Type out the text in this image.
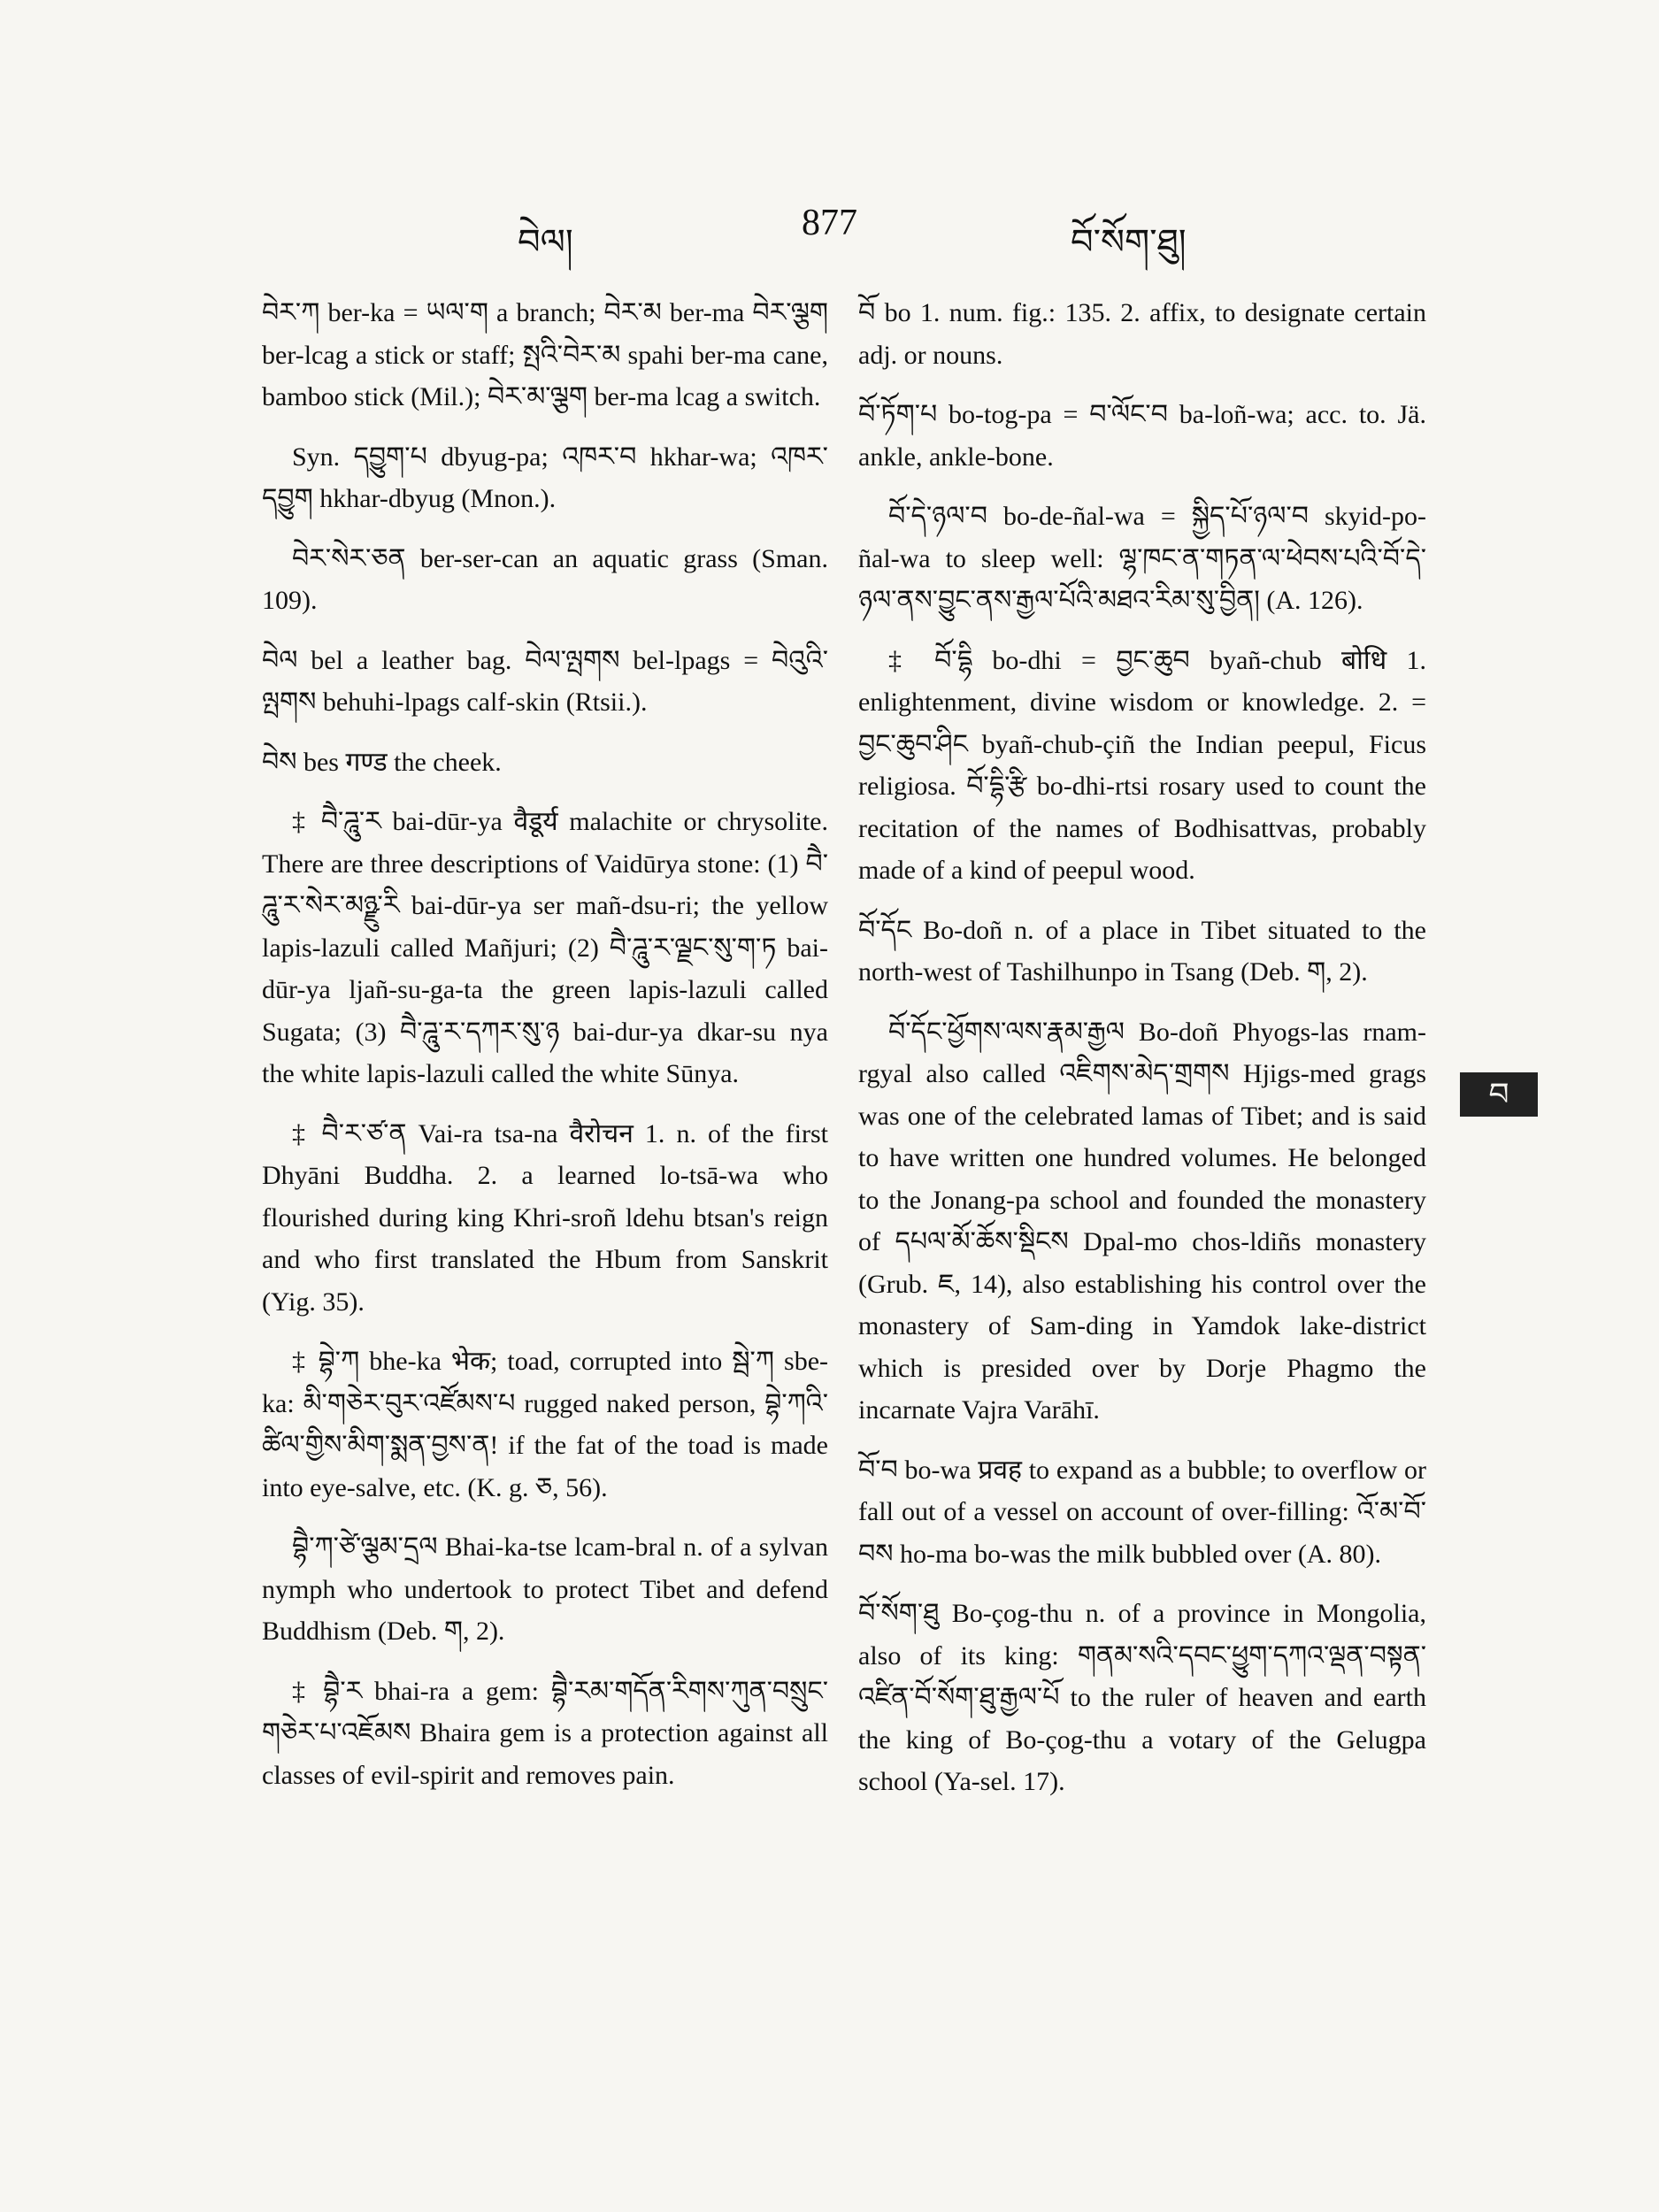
བེལ།	877	བོ་སོག་ཐུ།
བ

བེར་ཀ ber-ka = ཡལ་ག a branch; བེར་མ ber-ma བེར་ལྕག ber-lcag a stick or staff; སྤའི་བེར་མ spahi ber-ma cane, bamboo stick (Mil.); བེར་མ་ལྕག ber-ma lcag a switch.

Syn. དབྱུག་པ dbyug-pa; འཁར་བ hkhar-wa; འཁར་དབྱུག hkhar-dbyug (Mnon.).

བེར་སེར་ཅན ber-ser-can an aquatic grass (Sman. 109).

བེལ bel a leather bag. བེལ་ལྤགས bel-lpags = བེའུའི་ལྤགས behuhi-lpags calf-skin (Rtsii.).

བེས bes गण्ड the cheek.

‡ བཻ་ཌཱུ་ར bai-dūr-ya वैडूर्य malachite or chrysolite. There are three descriptions of Vaidūrya stone: (1) བཻ་ཌཱུ་ར་སེར་མཉྫུ་རི bai-dūr-ya ser mañ-dsu-ri; the yellow lapis-lazuli called Mañjuri; (2) བཻ་ཌཱུ་ར་ལྗང་སུ་ག་ཏ bai-dūr-ya ljañ-su-ga-ta the green lapis-lazuli called Sugata; (3) བཻ་ཌཱུ་ར་དཀར་སུ་ཉ bai-dur-ya dkar-su nya the white lapis-lazuli called the white Sūnya.

‡ བཻ་ར་ཙ་ན Vai-ra tsa-na वैरोचन 1. n. of the first Dhyāni Buddha. 2. a learned lo-tsā-wa who flourished during king Khri-sroñ ldehu btsan's reign and who first translated the Hbum from Sanskrit (Yig. 35).

‡ བྷེ་ཀ bhe-ka भेक; toad, corrupted into སྦེ་ཀ sbe-ka: མི་གཅེར་བུར་འཛོམས་པ rugged naked person, བྷེ་ཀའི་ཚིལ་གྱིས་མིག་སྨན་བྱས་ན! if the fat of the toad is made into eye-salve, etc. (K. g. ཅ, 56).

བྷཻ་ཀ་ཙེ་ལྕམ་དྲལ Bhai-ka-tse lcam-bral n. of a sylvan nymph who undertook to protect Tibet and defend Buddhism (Deb. ག, 2).

‡ བྷཻ་ར bhai-ra a gem: བྷཻ་རམ་གདོན་རིགས་ཀུན་བསྲུང་གཅེར་པ་འཇོམས Bhaira gem is a protection against all classes of evil-spirit and removes pain.

བོ bo 1. num. fig.: 135. 2. affix, to designate certain adj. or nouns.

བོ་ཏོག་པ bo-tog-pa = བ་ལོང་བ ba-loñ-wa; acc. to. Jä. ankle, ankle-bone.

བོ་དེ་ཉལ་བ bo-de-ñal-wa = སྐྱིད་པོ་ཉལ་བ skyid-po-ñal-wa to sleep well: ལྷ་ཁང་ན་གཏན་ལ་ཕེབས་པའི་བོ་དེ་ཉལ་ནས་བྱུང་ནས་རྒྱལ་པོའི་མཐའ་རིམ་སུ་བྱིན། (A. 126).

‡ བོ་དྷི bo-dhi = བྱང་ཆུབ byañ-chub बोधि 1. enlightenment, divine wisdom or knowledge. 2. = བྱང་ཆུབ་ཤིང byañ-chub-çiñ the Indian peepul, Ficus religiosa. བོ་དྷི་རྩི bo-dhi-rtsi rosary used to count the recitation of the names of Bodhisattvas, probably made of a kind of peepul wood.

བོ་དོང Bo-doñ n. of a place in Tibet situated to the north-west of Tashilhunpo in Tsang (Deb. ག, 2).

བོ་དོང་ཕྱོགས་ལས་རྣམ་རྒྱལ Bo-doñ Phyogs-las rnam-rgyal also called འཇིགས་མེད་གྲགས Hjigs-med grags was one of the celebrated lamas of Tibet; and is said to have written one hundred volumes. He belonged to the Jonang-pa school and founded the monastery of དཔལ་མོ་ཆོས་སྡིངས Dpal-mo chos-ldiñs monastery (Grub. ཇ, 14), also establishing his control over the monastery of Sam-ding in Yamdok lake-district which is presided over by Dorje Phagmo the incarnate Vajra Varāhī.

བོ་བ bo-wa प्रवह to expand as a bubble; to overflow or fall out of a vessel on account of over-filling: འོ་མ་བོ་བས ho-ma bo-was the milk bubbled over (A. 80).

བོ་སོག་ཐུ Bo-çog-thu n. of a province in Mongolia, also of its king: གནམ་སའི་དབང་ཕྱུག་དཀའ་ལྡན་བསྟན་འཛིན་བོ་སོག་ཐུ་རྒྱལ་པོ to the ruler of heaven and earth the king of Bo-çog-thu a votary of the Gelugpa school (Ya-sel. 17).
